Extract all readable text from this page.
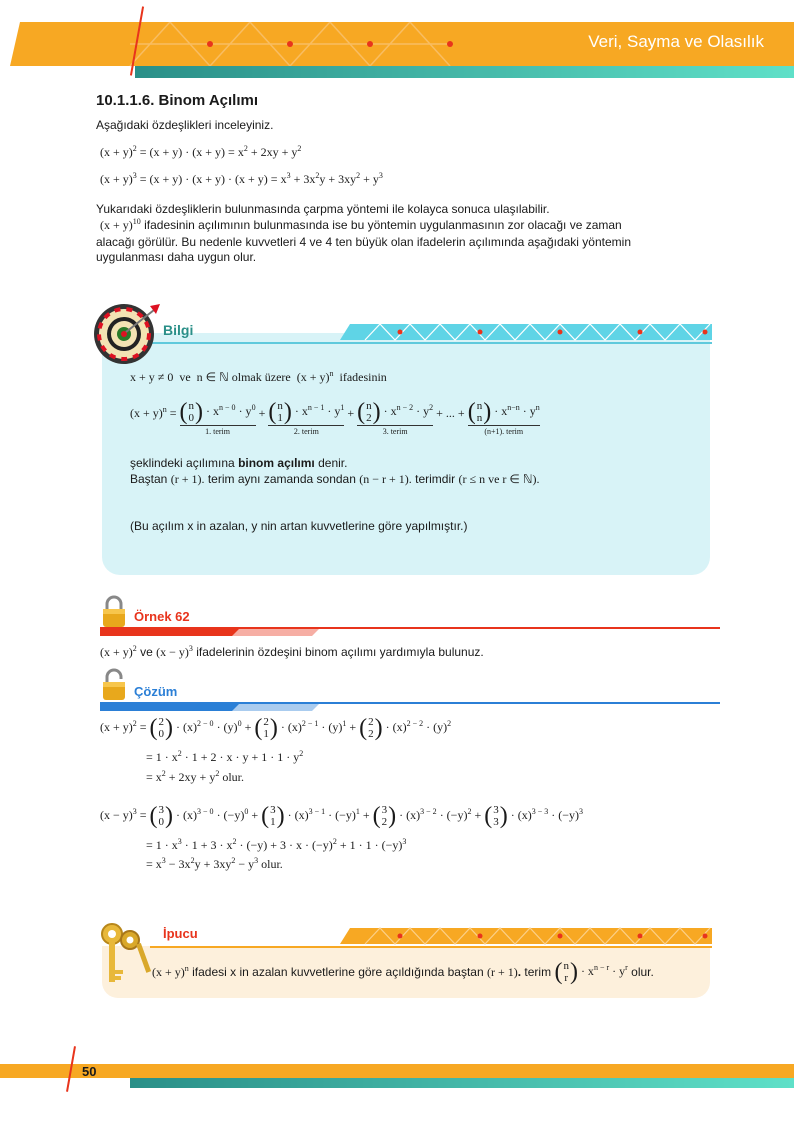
Veri, Sayma ve Olasılık
10.1.1.6. Binom Açılımı
Aşağıdaki özdeşlikleri inceleyiniz.
$(x + y)^2 = (x + y) \cdot (x + y) = x^2 + 2xy + y^2$
$(x + y)^3 = (x + y) \cdot (x + y) \cdot (x + y) = x^3 + 3x^2y + 3xy^2 + y^3$
Yukarıdaki özdeşliklerin bulunmasında çarpma yöntemi ile kolayca sonuca ulaşılabilir.
$(x + y)^{10}$ ifadesinin açılımının bulunmasında ise bu yöntemin uygulanmasının zor olacağı ve zaman
alacağı görülür. Bu nedenle kuvvetleri 4 ve 4 ten büyük olan ifadelerin açılımında aşağıdaki yöntemin
uygulanması daha uygun olur.
Bilgi
x + y ≠ 0  ve  n ∈ ℕ olmak üzere  $(x + y)^n$ ifadesinin
$(x + y)^n$ = ( n
0 ) · $x^{n - 0} \cdot y^0$
1. terim
+ ( n
1 ) · $x^{n - 1} \cdot y^1$
2. terim
+ ( n
2 ) · $x^{n - 2} \cdot y^2$
3. terim
+ ... + ( n
n ) · $x^{n-n} \cdot y^n$
(n+1). terim
şeklindeki açılımına binom açılımı denir.
Baştan (r + 1). terim aynı zamanda sondan (n − r + 1). terimdir (r ≤ n ve r ∈ ℕ).
(Bu açılım x in azalan, y nin artan kuvvetlerine göre yapılmıştır.)
Örnek 62
$(x + y)^2$ ve $(x - y)^3$ ifadelerinin özdeşini binom açılımı yardımıyla bulunuz.
Çözüm
$(x + y)^2$ = ( 2
0 ) · $(x)^{2 - 0} \cdot (y)^0$ + ( 2
1 ) · $(x)^{2 - 1} \cdot (y)^1$ + ( 2
2 ) · $(x)^{2 - 2} \cdot (y)^2$
= $1 \cdot x^2 \cdot 1 + 2 \cdot x \cdot y + 1 \cdot 1 \cdot y^2$
= $x^2 + 2xy + y^2$ olur.
$(x - y)^3$ = ( 3
0 ) · $(x)^{3 - 0} \cdot (-y)^0$ + ( 3
1 ) · $(x)^{3 - 1} \cdot (-y)^1$ + ( 3
2 ) · $(x)^{3 - 2} \cdot (-y)^2$ + ( 3
3 ) · $(x)^{3 - 3} \cdot (-y)^3$
= $1 \cdot x^3 \cdot 1 + 3 \cdot x^2 \cdot (-y) + 3 \cdot x \cdot (-y)^2 + 1 \cdot 1 \cdot (-y)^3$
= $x^3 - 3x^2y + 3xy^2 - y^3$ olur.
İpucu
$(x + y)^n$
ifadesi x in azalan kuvvetlerine göre açıldığında baştan
(r + 1) .
terim
( n
r ) · $x^{n - r} \cdot y^r$
olur.
50
